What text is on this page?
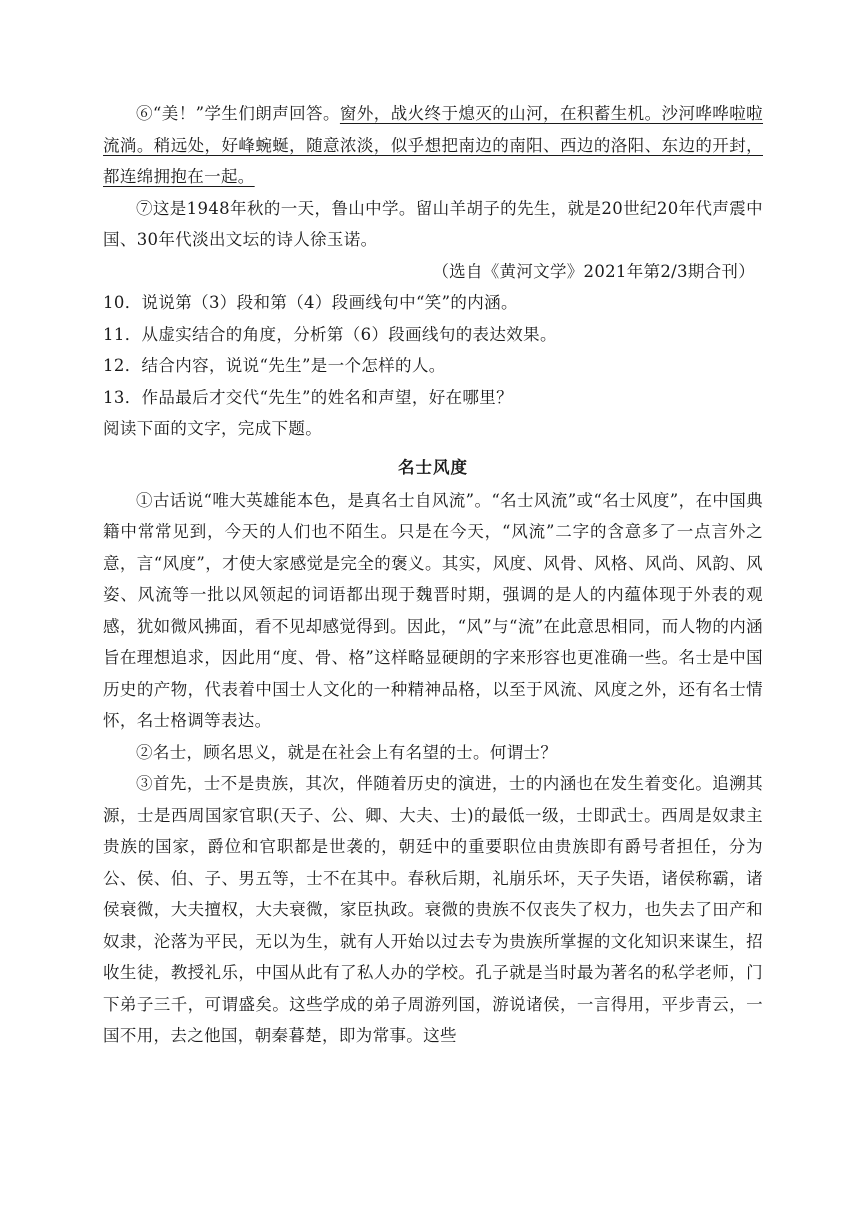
⑥“美！”学生们朗声回答。窗外，战火终于熄灭的山河，在积蓄生机。沙河哗哗啦啦流淌。稍远处，好峰蜿蜒，随意浓淡，似乎想把南边的南阳、西边的洛阳、东边的开封，都连绵拥抱在一起。

⑦这是1948年秋的一天，鲁山中学。留山羊胡子的先生，就是20世纪20年代声震中国、30年代淡出文坛的诗人徐玉诺。

（选自《黄河文学》2021年第2/3期合刊）

10．说说第（3）段和第（4）段画线句中“笑”的内涵。

11．从虚实结合的角度，分析第（6）段画线句的表达效果。

12．结合内容，说说“先生”是一个怎样的人。

13．作品最后才交代“先生”的姓名和声望，好在哪里？

阅读下面的文字，完成下题。

名士风度

①古话说“唯大英雄能本色，是真名士自风流”。“名士风流”或“名士风度”，在中国典籍中常常见到，今天的人们也不陌生。只是在今天，“风流”二字的含意多了一点言外之意，言“风度”，才使大家感觉是完全的褒义。其实，风度、风骨、风格、风尚、风韵、风姿、风流等一批以风领起的词语都出现于魏晋时期，强调的是人的内蕴体现于外表的观感，犹如微风拂面，看不见却感觉得到。因此，“风”与“流”在此意思相同，而人物的内涵旨在理想追求，因此用“度、骨、格”这样略显硬朗的字来形容也更准确一些。名士是中国历史的产物，代表着中国士人文化的一种精神品格，以至于风流、风度之外，还有名士情怀，名士格调等表达。

②名士，顾名思义，就是在社会上有名望的士。何谓士？

③首先，士不是贵族，其次，伴随着历史的演进，士的内涵也在发生着变化。追溯其源，士是西周国家官职(天子、公、卿、大夫、士)的最低一级，士即武士。西周是奴隶主贵族的国家，爵位和官职都是世袭的，朝廷中的重要职位由贵族即有爵号者担任，分为公、侯、伯、子、男五等，士不在其中。春秋后期，礼崩乐坏，天子失语，诸侯称霸，诸侯衰微，大夫擅权，大夫衰微，家臣执政。衰微的贵族不仅丧失了权力，也失去了田产和奴隶，沦落为平民，无以为生，就有人开始以过去专为贵族所掌握的文化知识来谋生，招收生徒，教授礼乐，中国从此有了私人办的学校。孔子就是当时最为著名的私学老师，门下弟子三千，可谓盛矣。这些学成的弟子周游列国，游说诸侯，一言得用，平步青云，一国不用，去之他国，朝秦暮楚，即为常事。这些
